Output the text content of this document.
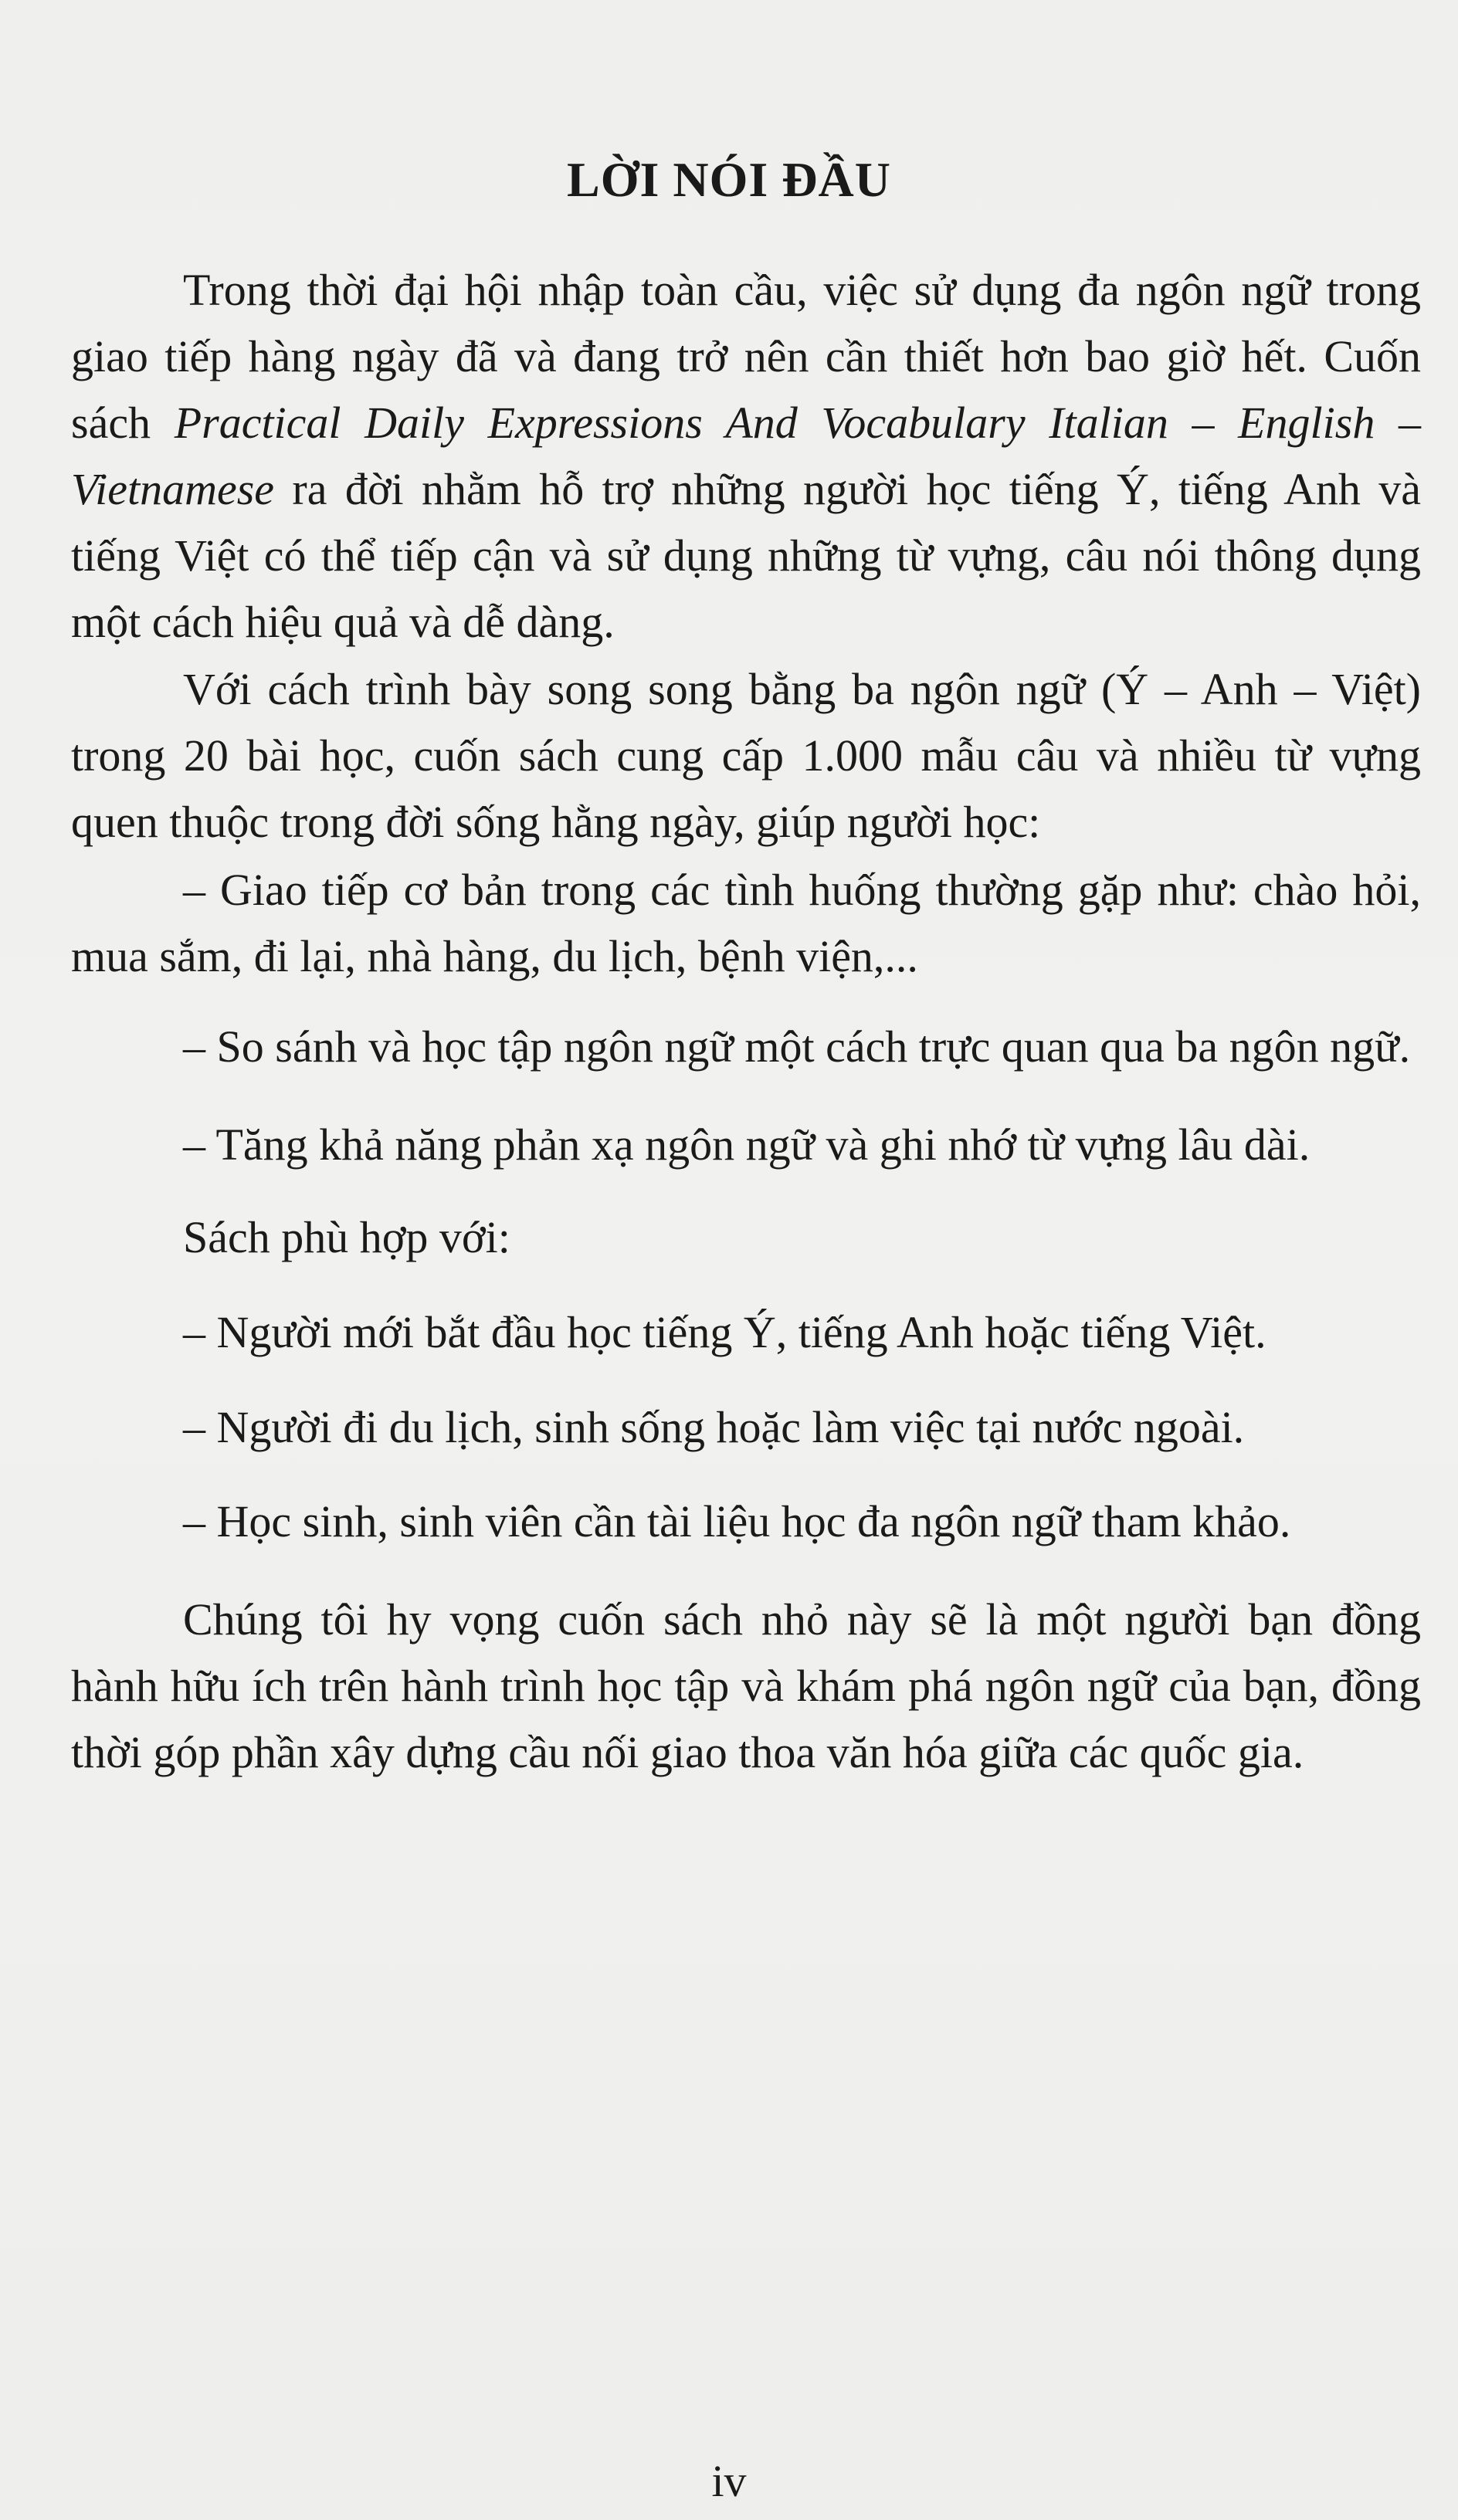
LỜI NÓI ĐẦU

Trong thời đại hội nhập toàn cầu, việc sử dụng đa ngôn ngữ trong giao tiếp hàng ngày đã và đang trở nên cần thiết hơn bao giờ hết. Cuốn sách Practical Daily Expressions And Vocabulary Italian – English – Vietnamese ra đời nhằm hỗ trợ những người học tiếng Ý, tiếng Anh và tiếng Việt có thể tiếp cận và sử dụng những từ vựng, câu nói thông dụng một cách hiệu quả và dễ dàng.

Với cách trình bày song song bằng ba ngôn ngữ (Ý – Anh – Việt) trong 20 bài học, cuốn sách cung cấp 1.000 mẫu câu và nhiều từ vựng quen thuộc trong đời sống hằng ngày, giúp người học:

– Giao tiếp cơ bản trong các tình huống thường gặp như: chào hỏi, mua sắm, đi lại, nhà hàng, du lịch, bệnh viện,...

– So sánh và học tập ngôn ngữ một cách trực quan qua ba ngôn ngữ.

– Tăng khả năng phản xạ ngôn ngữ và ghi nhớ từ vựng lâu dài.

Sách phù hợp với:

– Người mới bắt đầu học tiếng Ý, tiếng Anh hoặc tiếng Việt.

– Người đi du lịch, sinh sống hoặc làm việc tại nước ngoài.

– Học sinh, sinh viên cần tài liệu học đa ngôn ngữ tham khảo.

Chúng tôi hy vọng cuốn sách nhỏ này sẽ là một người bạn đồng hành hữu ích trên hành trình học tập và khám phá ngôn ngữ của bạn, đồng thời góp phần xây dựng cầu nối giao thoa văn hóa giữa các quốc gia.

iv
